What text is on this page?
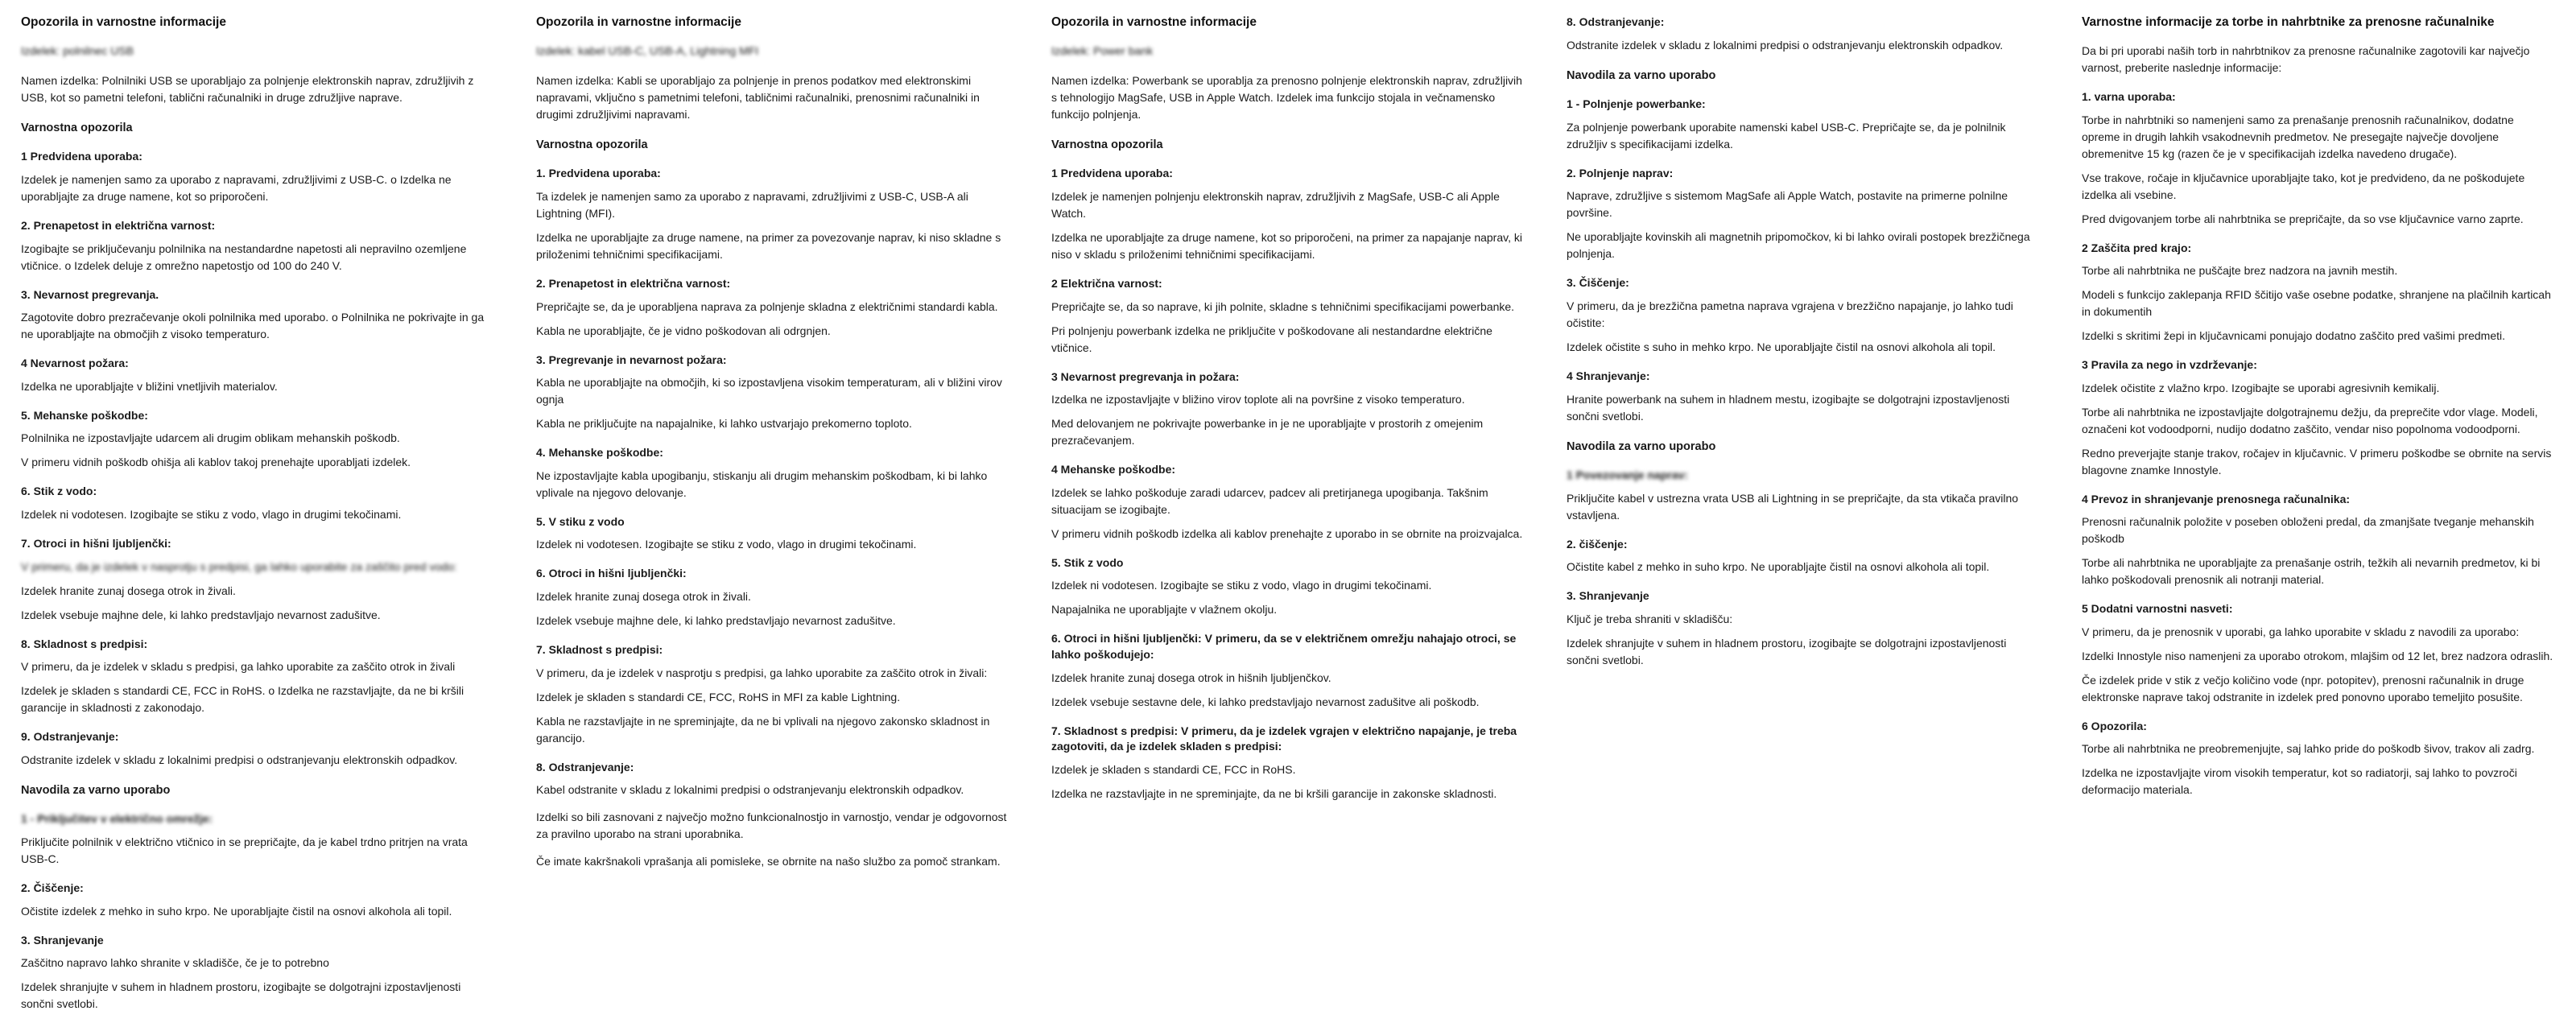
Opozorila in varnostne informacije
Izdelek: polnilnec USB

Namen izdelka: Polnilniki USB se uporabljajo za polnjenje elektronskih naprav, združljivih z USB, kot so pametni telefoni, tablični računalniki in druge združljive naprave.

Varnostna opozorila
1 Predvidena uporaba:

Izdelek je namenjen samo za uporabo z napravami, združljivimi z USB-C. o Izdelka ne uporabljajte za druge namene, kot so priporočeni.

2. Prenapetost in električna varnost:

Izogibajte se priključevanju polnilnika na nestandardne napetosti ali nepravilno ozemljene vtičnice. o Izdelek deluje z omrežno napetostjo od 100 do 240 V.

3. Nevarnost pregrevanja.

Zagotovite dobro prezračevanje okoli polnilnika med uporabo. o Polnilnika ne pokrivajte in ga ne uporabljajte na območjih z visoko temperaturo.

4 Nevarnost požara:

Izdelka ne uporabljajte v bližini vnetljivih materialov.

5. Mehanske poškodbe:

Polnilnika ne izpostavljajte udarcem ali drugim oblikam mehanskih poškodb.

V primeru vidnih poškodb ohišja ali kablov takoj prenehajte uporabljati izdelek.

6. Stik z vodo:

Izdelek ni vodotesen. Izogibajte se stiku z vodo, vlago in drugimi tekočinami.

7. Otroci in hišni ljubljenčki:

V primeru, da je izdelek v nasprotju s predpisi, ga lahko uporabite za zaščito pred vodo:

Izdelek hranite zunaj dosega otrok in živali.

Izdelek vsebuje majhne dele, ki lahko predstavljajo nevarnost zadušitve.

8. Skladnost s predpisi:

V primeru, da je izdelek v skladu s predpisi, ga lahko uporabite za zaščito otrok in živali

Izdelek je skladen s standardi CE, FCC in RoHS. o Izdelka ne razstavljajte, da ne bi kršili garancije in skladnosti z zakonodajo.

9. Odstranjevanje:

Odstranite izdelek v skladu z lokalnimi predpisi o odstranjevanju elektronskih odpadkov.

Navodila za varno uporabo
1 - Priključitev v električno omrežje:

Priključite polnilnik v električno vtičnico in se prepričajte, da je kabel trdno pritrjen na vrata USB-C.

2. Čiščenje:

Očistite izdelek z mehko in suho krpo. Ne uporabljajte čistil na osnovi alkohola ali topil.

3. Shranjevanje

Zaščitno napravo lahko shranite v skladišče, če je to potrebno

Izdelek shranjujte v suhem in hladnem prostoru, izogibajte se dolgotrajni izpostavljenosti sončni svetlobi.

Opozorila in varnostne informacije
Izdelek: kabel USB-C, USB-A, Lightning MFI

Namen izdelka: Kabli se uporabljajo za polnjenje in prenos podatkov med elektronskimi napravami, vključno s pametnimi telefoni, tabličnimi računalniki, prenosnimi računalniki in drugimi združljivimi napravami.

Varnostna opozorila
1. Predvidena uporaba:

Ta izdelek je namenjen samo za uporabo z napravami, združljivimi z USB-C, USB-A ali Lightning (MFI).

Izdelka ne uporabljajte za druge namene, na primer za povezovanje naprav, ki niso skladne s priloženimi tehničnimi specifikacijami.

2. Prenapetost in električna varnost:

Prepričajte se, da je uporabljena naprava za polnjenje skladna z električnimi standardi kabla.

Kabla ne uporabljajte, če je vidno poškodovan ali odrgnjen.

3. Pregrevanje in nevarnost požara:

Kabla ne uporabljajte na območjih, ki so izpostavljena visokim temperaturam, ali v bližini virov ognja

Kabla ne priključujte na napajalnike, ki lahko ustvarjajo prekomerno toploto.

4. Mehanske poškodbe:

Ne izpostavljajte kabla upogibanju, stiskanju ali drugim mehanskim poškodbam, ki bi lahko vplivale na njegovo delovanje.

5. V stiku z vodo

Izdelek ni vodotesen. Izogibajte se stiku z vodo, vlago in drugimi tekočinami.

6. Otroci in hišni ljubljenčki:

Izdelek hranite zunaj dosega otrok in živali.

Izdelek vsebuje majhne dele, ki lahko predstavljajo nevarnost zadušitve.

7. Skladnost s predpisi:

V primeru, da je izdelek v nasprotju s predpisi, ga lahko uporabite za zaščito otrok in živali:

Izdelek je skladen s standardi CE, FCC, RoHS in MFI za kable Lightning.

Kabla ne razstavljajte in ne spreminjajte, da ne bi vplivali na njegovo zakonsko skladnost in garancijo.

8. Odstranjevanje:

Kabel odstranite v skladu z lokalnimi predpisi o odstranjevanju elektronskih odpadkov.

Izdelki so bili zasnovani z največjo možno funkcionalnostjo in varnostjo, vendar je odgovornost za pravilno uporabo na strani uporabnika.

Če imate kakršnakoli vprašanja ali pomisleke, se obrnite na našo službo za pomoč strankam.

Opozorila in varnostne informacije
Izdelek: Power bank

Namen izdelka: Powerbank se uporablja za prenosno polnjenje elektronskih naprav, združljivih s tehnologijo MagSafe, USB in Apple Watch. Izdelek ima funkcijo stojala in večnamensko funkcijo polnjenja.

Varnostna opozorila
1 Predvidena uporaba:

Izdelek je namenjen polnjenju elektronskih naprav, združljivih z MagSafe, USB-C ali Apple Watch.

Izdelka ne uporabljajte za druge namene, kot so priporočeni, na primer za napajanje naprav, ki niso v skladu s priloženimi tehničnimi specifikacijami.

2 Električna varnost:

Prepričajte se, da so naprave, ki jih polnite, skladne s tehničnimi specifikacijami powerbanke.

Pri polnjenju powerbank izdelka ne priključite v poškodovane ali nestandardne električne vtičnice.

3 Nevarnost pregrevanja in požara:

Izdelka ne izpostavljajte v bližino virov toplote ali na površine z visoko temperaturo.

Med delovanjem ne pokrivajte powerbanke in je ne uporabljajte v prostorih z omejenim prezračevanjem.

4 Mehanske poškodbe:

Izdelek se lahko poškoduje zaradi udarcev, padcev ali pretirjanega upogibanja. Takšnim situacijam se izogibajte.

V primeru vidnih poškodb izdelka ali kablov prenehajte z uporabo in se obrnite na proizvajalca.

5. Stik z vodo

Izdelek ni vodotesen. Izogibajte se stiku z vodo, vlago in drugimi tekočinami.

Napajalnika ne uporabljajte v vlažnem okolju.

6. Otroci in hišni ljubljenčki: V primeru, da se v električnem omrežju nahajajo otroci, se lahko poškodujejo:

Izdelek hranite zunaj dosega otrok in hišnih ljubljenčkov.

Izdelek vsebuje sestavne dele, ki lahko predstavljajo nevarnost zadušitve ali poškodb.

7. Skladnost s predpisi: V primeru, da je izdelek vgrajen v električno napajanje, je treba zagotoviti, da je izdelek skladen s predpisi:

Izdelek je skladen s standardi CE, FCC in RoHS.

Izdelka ne razstavljajte in ne spreminjajte, da ne bi kršili garancije in zakonske skladnosti.

8. Odstranjevanje:

Odstranite izdelek v skladu z lokalnimi predpisi o odstranjevanju elektronskih odpadkov.

Navodila za varno uporabo
1 - Polnjenje powerbanke:

Za polnjenje powerbank uporabite namenski kabel USB-C. Prepričajte se, da je polnilnik združljiv s specifikacijami izdelka.

2. Polnjenje naprav:

Naprave, združljive s sistemom MagSafe ali Apple Watch, postavite na primerne polnilne površine.

Ne uporabljajte kovinskih ali magnetnih pripomočkov, ki bi lahko ovirali postopek brezžičnega polnjenja.

3. Čiščenje:

V primeru, da je brezžična pametna naprava vgrajena v brezžično napajanje, jo lahko tudi očistite:

Izdelek očistite s suho in mehko krpo. Ne uporabljajte čistil na osnovi alkohola ali topil.

4 Shranjevanje:

Hranite powerbank na suhem in hladnem mestu, izogibajte se dolgotrajni izpostavljenosti sončni svetlobi.

Navodila za varno uporabo
1 Povezovanje naprav:

Priključite kabel v ustrezna vrata USB ali Lightning in se prepričajte, da sta vtikača pravilno vstavljena.

2. čiščenje:

Očistite kabel z mehko in suho krpo. Ne uporabljajte čistil na osnovi alkohola ali topil.

3. Shranjevanje

Ključ je treba shraniti v skladišču:

Izdelek shranjujte v suhem in hladnem prostoru, izogibajte se dolgotrajni izpostavljenosti sončni svetlobi.

Varnostne informacije za torbe in nahrbtnike za prenosne računalnike

Da bi pri uporabi naših torb in nahrbtnikov za prenosne računalnike zagotovili kar največjo varnost, preberite naslednje informacije:

1. varna uporaba:

Torbe in nahrbtniki so namenjeni samo za prenašanje prenosnih računalnikov, dodatne opreme in drugih lahkih vsakodnevnih predmetov. Ne presegajte največje dovoljene obremenitve 15 kg (razen če je v specifikacijah izdelka navedeno drugače).

Vse trakove, ročaje in ključavnice uporabljajte tako, kot je predvideno, da ne poškodujete izdelka ali vsebine.

Pred dvigovanjem torbe ali nahrbtnika se prepričajte, da so vse ključavnice varno zaprte.

2 Zaščita pred krajo:

Torbe ali nahrbtnika ne puščajte brez nadzora na javnih mestih.

Modeli s funkcijo zaklepanja RFID ščitijo vaše osebne podatke, shranjene na plačilnih karticah in dokumentih

Izdelki s skritimi žepi in ključavnicami ponujajo dodatno zaščito pred vašimi predmeti.

3 Pravila za nego in vzdrževanje:

Izdelek očistite z vlažno krpo. Izogibajte se uporabi agresivnih kemikalij.

Torbe ali nahrbtnika ne izpostavljajte dolgotrajnemu dežju, da preprečite vdor vlage. Modeli, označeni kot vodoodporni, nudijo dodatno zaščito, vendar niso popolnoma vodoodporni.

Redno preverjajte stanje trakov, ročajev in ključavnic. V primeru poškodbe se obrnite na servis blagovne znamke Innostyle.

4 Prevoz in shranjevanje prenosnega računalnika:

Prenosni računalnik položite v poseben obloženi predal, da zmanjšate tveganje mehanskih poškodb

Torbe ali nahrbtnika ne uporabljajte za prenašanje ostrih, težkih ali nevarnih predmetov, ki bi lahko poškodovali prenosnik ali notranji material.

5 Dodatni varnostni nasveti:

V primeru, da je prenosnik v uporabi, ga lahko uporabite v skladu z navodili za uporabo:

Izdelki Innostyle niso namenjeni za uporabo otrokom, mlajšim od 12 let, brez nadzora odraslih.

Če izdelek pride v stik z večjo količino vode (npr. potopitev), prenosni računalnik in druge elektronske naprave takoj odstranite in izdelek pred ponovno uporabo temeljito posušite.

6 Opozorila:

Torbe ali nahrbtnika ne preobremenjujte, saj lahko pride do poškodb šivov, trakov ali zadrg.

Izdelka ne izpostavljajte virom visokih temperatur, kot so radiatorji, saj lahko to povzroči deformacijo materiala.
